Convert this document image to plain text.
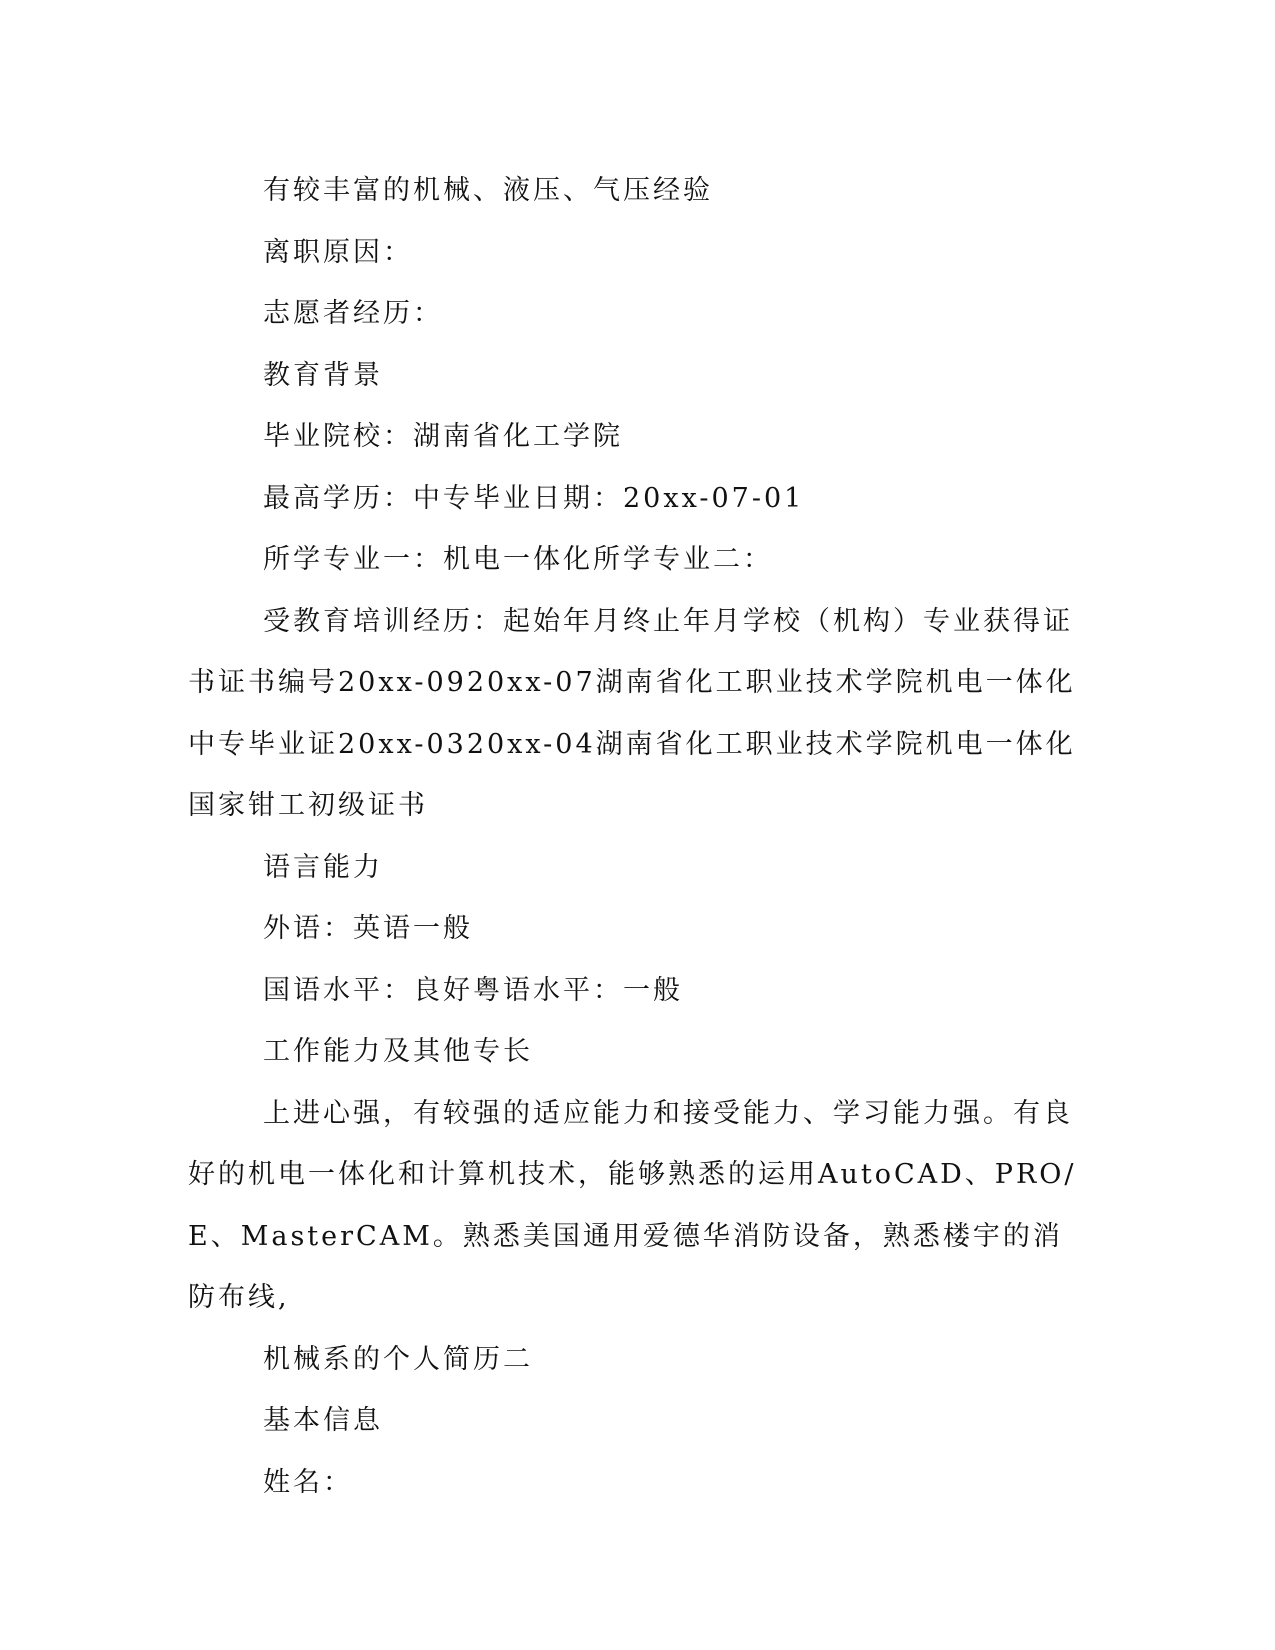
有较丰富的机械、液压、气压经验

离职原因：

志愿者经历：

教育背景

毕业院校：湖南省化工学院

最高学历：中专毕业日期：20xx-07-01

所学专业一：机电一体化所学专业二：

受教育培训经历：起始年月终止年月学校（机构）专业获得证书证书编号20xx-0920xx-07湖南省化工职业技术学院机电一体化中专毕业证20xx-0320xx-04湖南省化工职业技术学院机电一体化国家钳工初级证书

语言能力

外语：英语一般

国语水平：良好粤语水平：一般

工作能力及其他专长

上进心强，有较强的适应能力和接受能力、学习能力强。有良好的机电一体化和计算机技术，能够熟悉的运用AutoCAD、PRO/E、MasterCAM。熟悉美国通用爱德华消防设备，熟悉楼宇的消防布线,

机械系的个人简历二

基本信息

姓名：
